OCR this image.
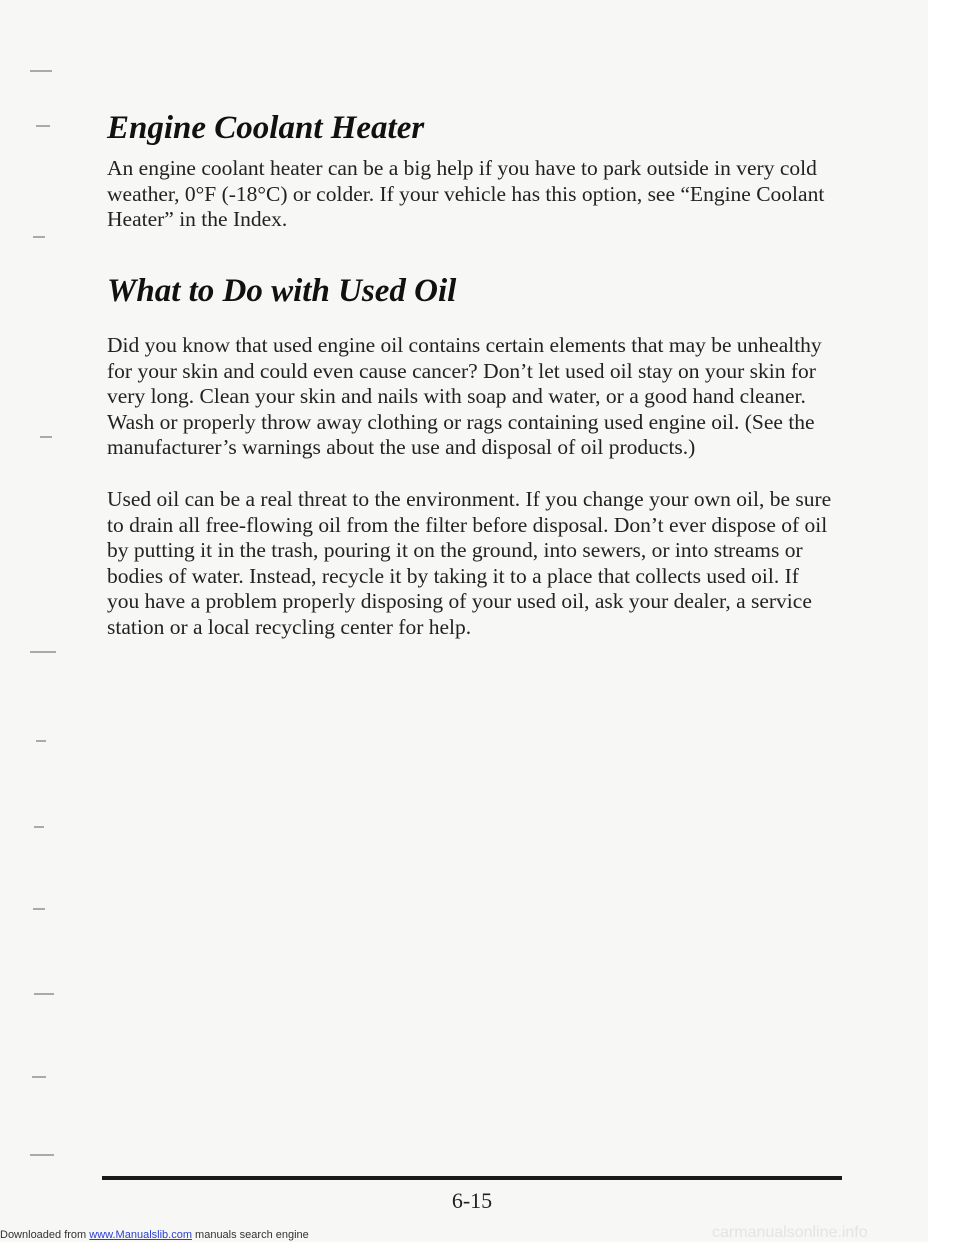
Engine Coolant Heater

An engine coolant heater can be a big help if you have to park outside in very cold weather, 0°F (-18°C) or colder. If your vehicle has this option, see “Engine Coolant Heater” in the Index.

What to Do with Used Oil

Did you know that used engine oil contains certain elements that may be unhealthy for your skin and could even cause cancer? Don’t let used oil stay on your skin for very long. Clean your skin and nails with soap and water, or a good hand cleaner. Wash or properly throw away clothing or rags containing used engine oil. (See the manufacturer’s warnings about the use and disposal of oil products.)

Used oil can be a real threat to the environment. If you change your own oil, be sure to drain all free-flowing oil from the filter before disposal. Don’t ever dispose of oil by putting it in the trash, pouring it on the ground, into sewers, or into streams or bodies of water. Instead, recycle it by taking it to a place that collects used oil. If you have a problem properly disposing of your used oil, ask your dealer, a service station or a local recycling center for help.

6-15
Downloaded from www.Manualslib.com manuals search engine	carmanualsonline.info
